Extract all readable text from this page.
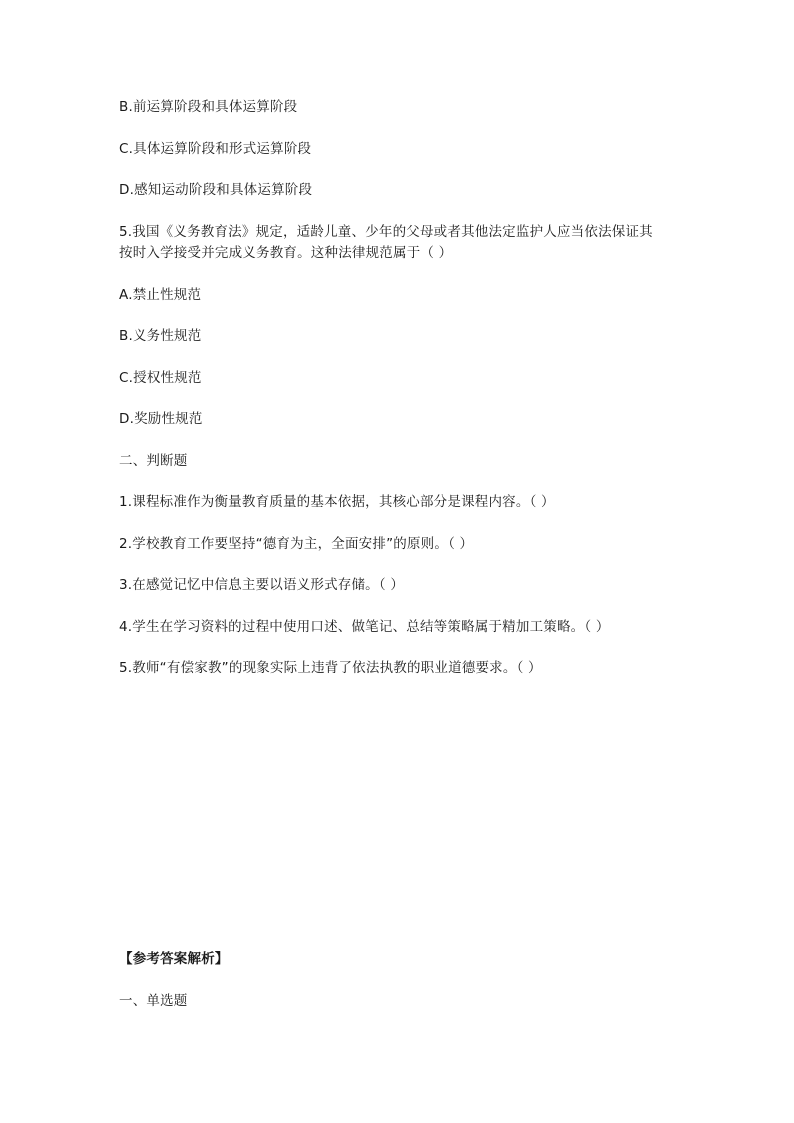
B.前运算阶段和具体运算阶段
C.具体运算阶段和形式运算阶段
D.感知运动阶段和具体运算阶段
5.我国《义务教育法》规定，适龄儿童、少年的父母或者其他法定监护人应当依法保证其
按时入学接受并完成义务教育。这种法律规范属于（ ）
A.禁止性规范
B.义务性规范
C.授权性规范
D.奖励性规范
二、判断题
1.课程标准作为衡量教育质量的基本依据，其核心部分是课程内容。（ ）
2.学校教育工作要坚持“德育为主，全面安排”的原则。（ ）
3.在感觉记忆中信息主要以语义形式存储。（ ）
4.学生在学习资料的过程中使用口述、做笔记、总结等策略属于精加工策略。（ ）
5.教师“有偿家教”的现象实际上违背了依法执教的职业道德要求。（ ）
【参考答案解析】
一、单选题
